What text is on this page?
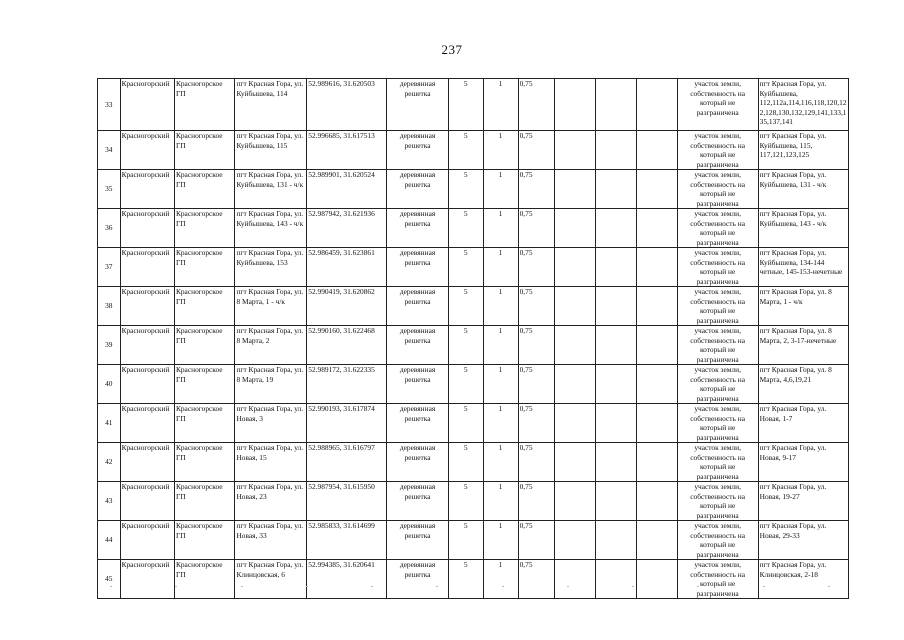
237
33	Красногорский	Красногорское ГП	пгт Красная Гора, ул. Куйбышева, 114	52.989616, 31.620503	деревянная решетка	5	1	0,75				участок земли, собственность на который не разграничена	пгт Красная Гора, ул. Куйбышева, 112,112а,114,116,118,120,122,128,130,132,129,141,133,135,137,141

34	Красногорский	Красногорское ГП	пгт Красная Гора, ул. Куйбышева, 115	52.996685, 31.617513	деревянная решетка	5	1	0,75				участок земли, собственность на который не разграничена	пгт Красная Гора, ул. Куйбышева, 115, 117,121,123,125

35	Красногорский	Красногорское ГП	пгт Красная Гора, ул. Куйбышева, 131 - ч/к	52.989901, 31.620524	деревянная решетка	5	1	0,75				участок земли, собственность на который не разграничена	пгт Красная Гора, ул. Куйбышева, 131 - ч/к

36	Красногорский	Красногорское ГП	пгт Красная Гора, ул. Куйбышева, 143 - ч/к	52.987942, 31.621936	деревянная решетка	5	1	0,75				участок земли, собственность на который не разграничена	пгт Красная Гора, ул. Куйбышева, 143 - ч/к

37	Красногорский	Красногорское ГП	пгт Красная Гора, ул. Куйбышева, 153	52.986459, 31.623861	деревянная решетка	5	1	0,75				участок земли, собственность на который не разграничена	пгт Красная Гора, ул. Куйбышева, 134-144 четные, 145-153-нечетные

38	Красногорский	Красногорское ГП	пгт Красная Гора, ул. 8 Марта, 1 - ч/к	52.990419, 31.620862	деревянная решетка	5	1	0,75				участок земли, собственность на который не разграничена	пгт Красная Гора, ул. 8 Марта, 1 - ч/к

39	Красногорский	Красногорское ГП	пгт Красная Гора, ул. 8 Марта, 2	52.990160, 31.622468	деревянная решетка	5	1	0,75				участок земли, собственность на который не разграничена	пгт Красная Гора, ул. 8 Марта, 2, 3-17-нечетные

40	Красногорский	Красногорское ГП	пгт Красная Гора, ул. 8 Марта, 19	52.989172, 31.622335	деревянная решетка	5	1	0,75				участок земли, собственность на который не разграничена	пгт Красная Гора, ул. 8 Марта, 4,6,19,21

41	Красногорский	Красногорское ГП	пгт Красная Гора, ул. Новая, 3	52.990193, 31.617874	деревянная решетка	5	1	0,75				участок земли, собственность на который не разграничена	пгт Красная Гора, ул. Новая, 1-7

42	Красногорский	Красногорское ГП	пгт Красная Гора, ул. Новая, 15	52.988965, 31.616797	деревянная решетка	5	1	0,75				участок земли, собственность на который не разграничена	пгт Красная Гора, ул. Новая, 9-17

43	Красногорский	Красногорское ГП	пгт Красная Гора, ул. Новая, 23	52.987954, 31.615950	деревянная решетка	5	1	0,75				участок земли, собственность на который не разграничена	пгт Красная Гора, ул. Новая, 19-27

44	Красногорский	Красногорское ГП	пгт Красная Гора, ул. Новая, 33	52.985833, 31.614699	деревянная решетка	5	1	0,75				участок земли, собственность на который не разграничена	пгт Красная Гора, ул. Новая, 29-33

45	Красногорский	Красногорское ГП	пгт Красная Гора, ул. Клинцовская, 6	52.994385, 31.620641	деревянная решетка	5	1	0,75				участок земли, собственность на который не разграничена	пгт Красная Гора, ул. Клинцовская, 2-18
